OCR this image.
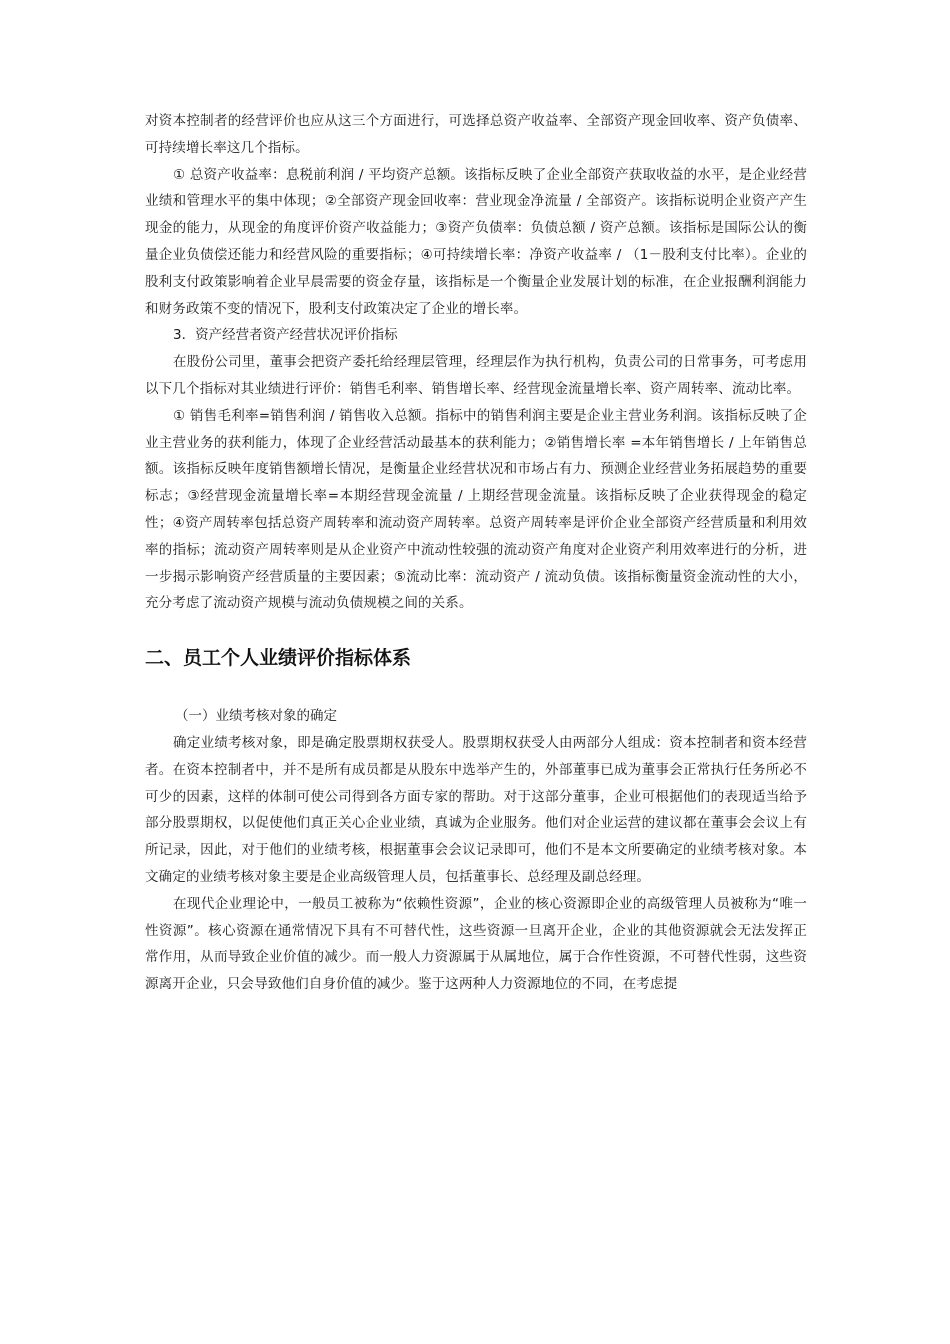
对资本控制者的经营评价也应从这三个方面进行，可选择总资产收益率、全部资产现金回收率、资产负债率、可持续增长率这几个指标。

① 总资产收益率：息税前利润 / 平均资产总额。该指标反映了企业全部资产获取收益的水平，是企业经营业绩和管理水平的集中体现；②全部资产现金回收率：营业现金净流量 / 全部资产。该指标说明企业资产产生现金的能力，从现金的角度评价资产收益能力；③资产负债率：负债总额 / 资产总额。该指标是国际公认的衡量企业负债偿还能力和经营风险的重要指标；④可持续增长率：净资产收益率 / （1－股利支付比率）。企业的股利支付政策影响着企业早晨需要的资金存量，该指标是一个衡量企业发展计划的标准，在企业报酬利润能力和财务政策不变的情况下，股利支付政策决定了企业的增长率。

3．资产经营者资产经营状况评价指标

在股份公司里，董事会把资产委托给经理层管理，经理层作为执行机构，负责公司的日常事务，可考虑用以下几个指标对其业绩进行评价：销售毛利率、销售增长率、经营现金流量增长率、资产周转率、流动比率。

① 销售毛利率=销售利润 / 销售收入总额。指标中的销售利润主要是企业主营业务利润。该指标反映了企业主营业务的获利能力，体现了企业经营活动最基本的获利能力；②销售增长率 =本年销售增长 / 上年销售总额。该指标反映年度销售额增长情况，是衡量企业经营状况和市场占有力、预测企业经营业务拓展趋势的重要标志；③经营现金流量增长率=本期经营现金流量 / 上期经营现金流量。该指标反映了企业获得现金的稳定性；④资产周转率包括总资产周转率和流动资产周转率。总资产周转率是评价企业全部资产经营质量和利用效率的指标；流动资产周转率则是从企业资产中流动性较强的流动资产角度对企业资产利用效率进行的分析，进一步揭示影响资产经营质量的主要因素；⑤流动比率：流动资产 / 流动负债。该指标衡量资金流动性的大小，充分考虑了流动资产规模与流动负债规模之间的关系。

二、员工个人业绩评价指标体系

（一）业绩考核对象的确定

确定业绩考核对象，即是确定股票期权获受人。股票期权获受人由两部分人组成：资本控制者和资本经营者。在资本控制者中，并不是所有成员都是从股东中选举产生的，外部董事已成为董事会正常执行任务所必不可少的因素，这样的体制可使公司得到各方面专家的帮助。对于这部分董事，企业可根据他们的表现适当给予部分股票期权，以促使他们真正关心企业业绩，真诚为企业服务。他们对企业运营的建议都在董事会会议上有所记录，因此，对于他们的业绩考核，根据董事会会议记录即可，他们不是本文所要确定的业绩考核对象。本文确定的业绩考核对象主要是企业高级管理人员，包括董事长、总经理及副总经理。

在现代企业理论中，一般员工被称为“依赖性资源”，企业的核心资源即企业的高级管理人员被称为“唯一性资源”。核心资源在通常情况下具有不可替代性，这些资源一旦离开企业，企业的其他资源就会无法发挥正常作用，从而导致企业价值的减少。而一般人力资源属于从属地位，属于合作性资源，不可替代性弱，这些资源离开企业，只会导致他们自身价值的减少。鉴于这两种人力资源地位的不同，在考虑提
